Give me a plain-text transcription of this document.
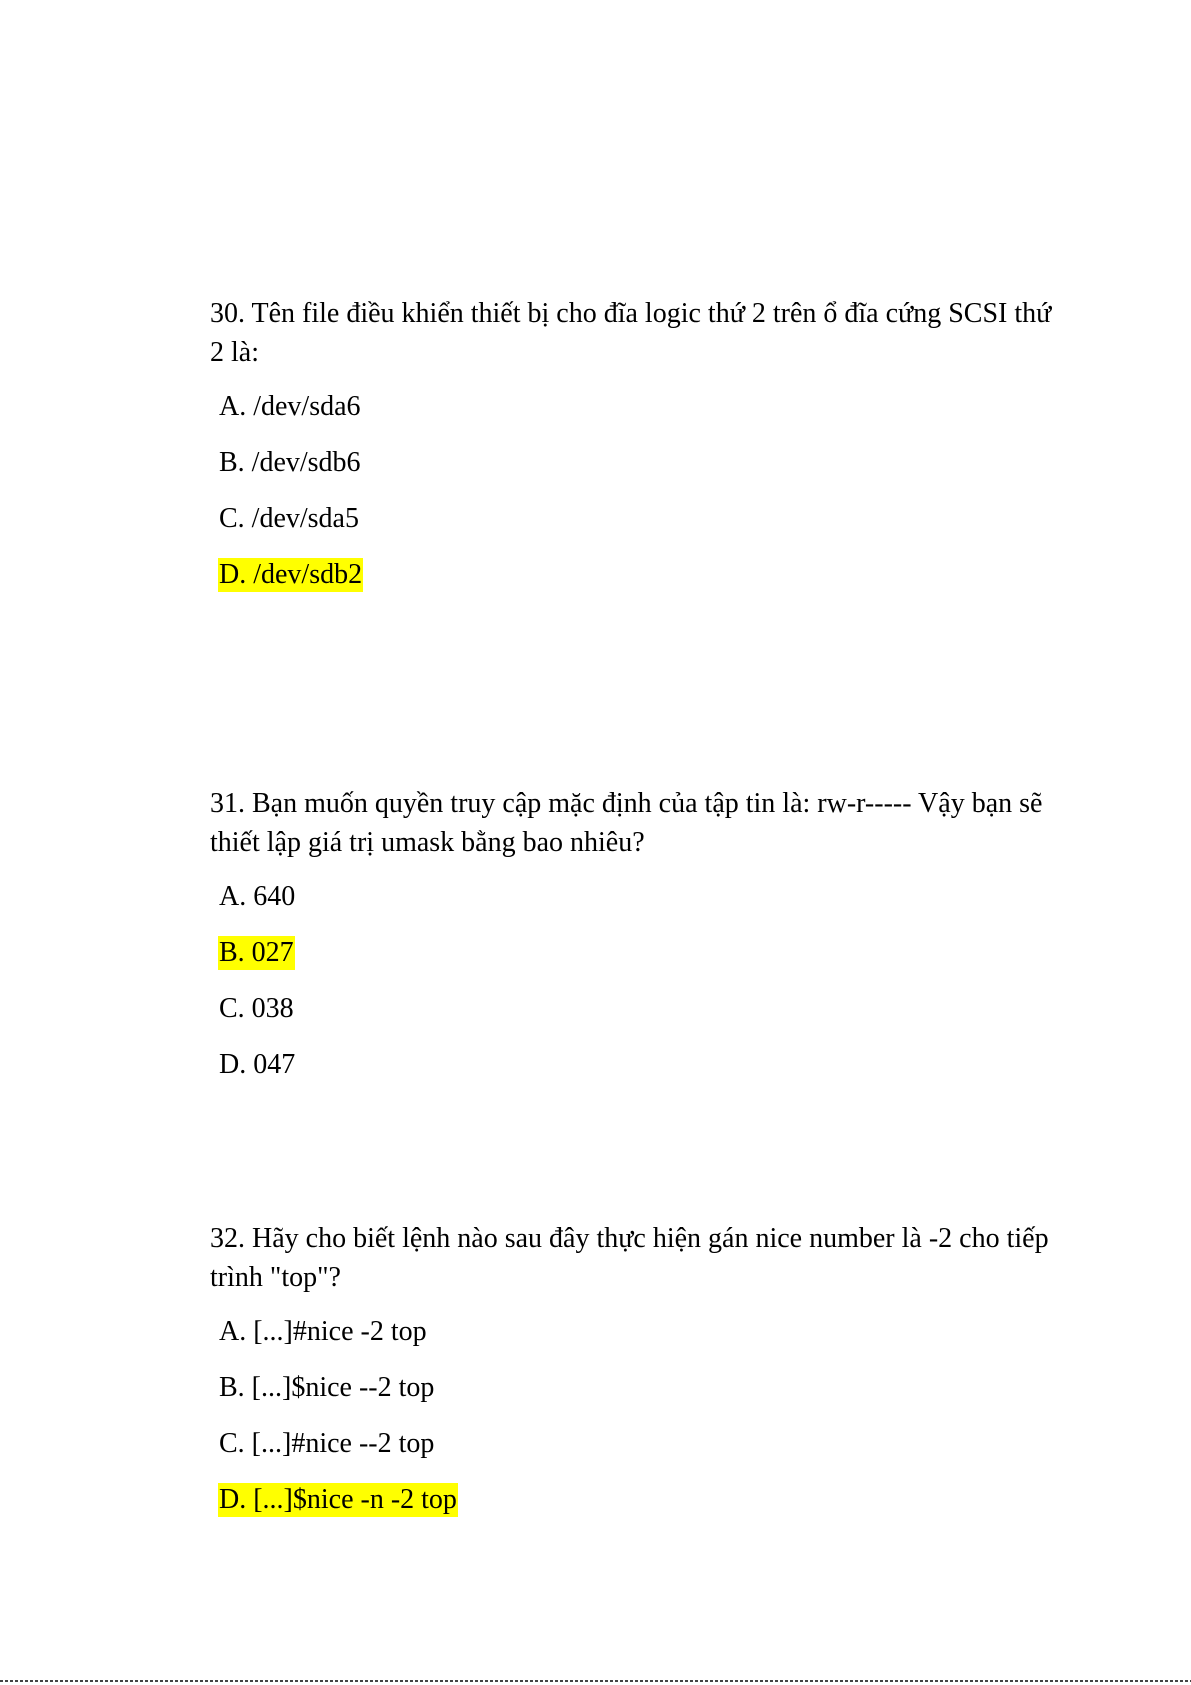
30. Tên file điều khiển thiết bị cho đĩa logic thứ 2 trên ổ đĩa cứng SCSI thứ 2 là:

A. /dev/sda6
B. /dev/sdb6
C. /dev/sda5
D. /dev/sdb2

31. Bạn muốn quyền truy cập mặc định của tập tin là: rw-r----- Vậy bạn sẽ thiết lập giá trị umask bằng bao nhiêu?

A. 640
B. 027
C. 038
D. 047

32. Hãy cho biết lệnh nào sau đây thực hiện gán nice number là -2 cho tiếp trình "top"?

A. [...]#nice -2 top
B. [...]$nice --2 top
C. [...]#nice --2 top
D. [...]$nice -n -2 top
